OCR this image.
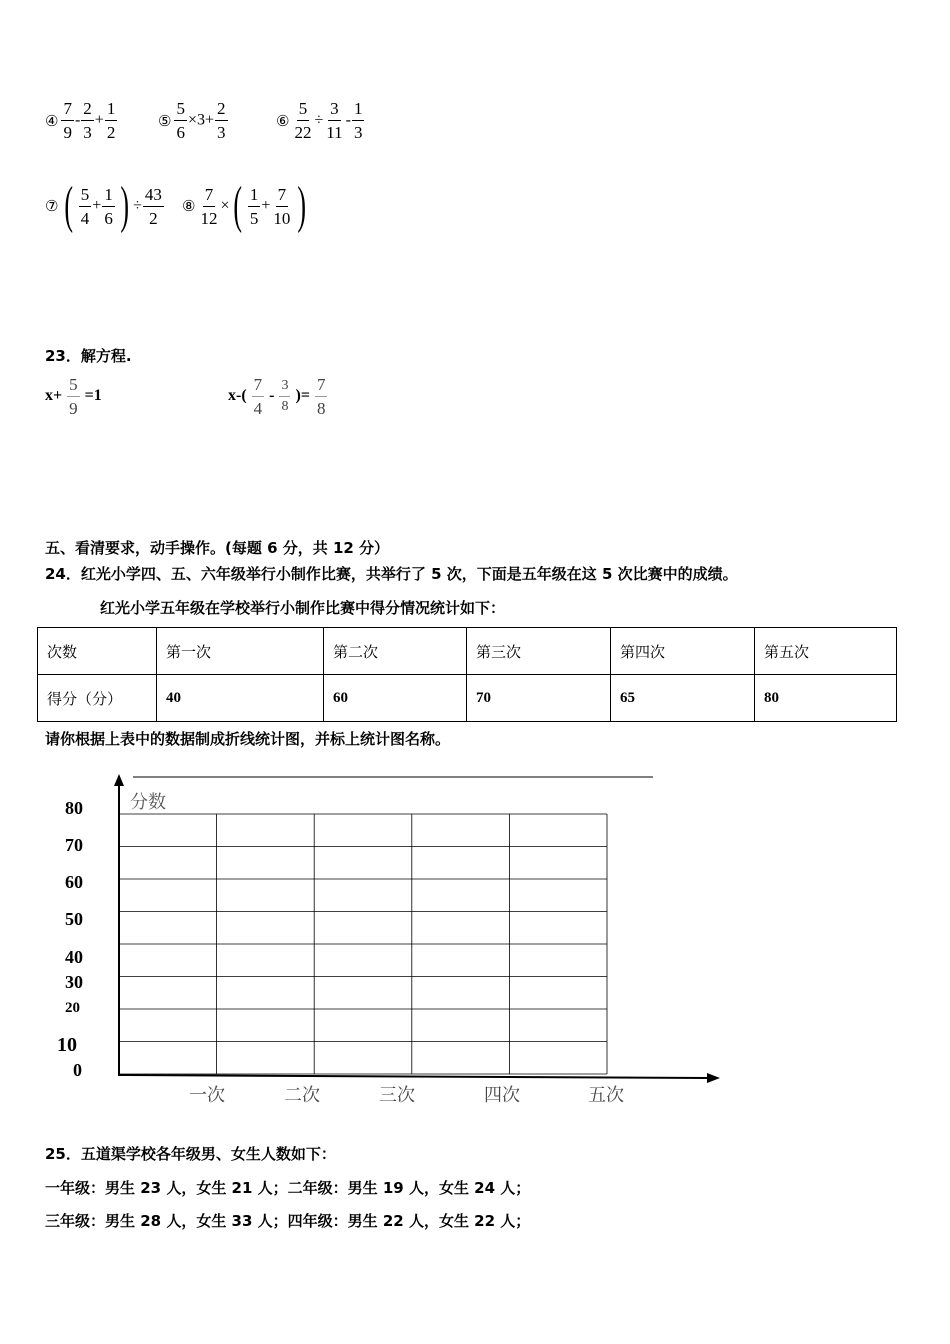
④ $\frac{7}{9} - \frac{2}{3} + \frac{1}{2}$	⑤ $\frac{5}{6} \times 3+ \frac{2}{3}$	⑥ $\frac{5}{22} \div \frac{3}{11} - \frac{1}{3}$
⑦ ( $\frac{5}{4} + \frac{1}{6}$ ) ÷ $\frac{43}{2}$ ⑧ $\frac{7}{12}$ ×( $\frac{1}{5} + \frac{7}{10}$ )
23．解方程.
$x+ \frac{5}{9} =1$	$x-( \frac{7}{4} - \frac{3}{8}$ )= $\frac{7}{8}$
五、看清要求，动手操作。(每题 6 分，共 12 分）
24．红光小学四、五、六年级举行小制作比赛，共举行了 5 次，下面是五年级在这 5 次比赛中的成绩。
红光小学五年级在学校举行小制作比赛中得分情况统计如下：
次数	第一次	第二次	第三次	第四次	第五次
得分（分）	40	60	70	65	80
请你根据上表中的数据制成折线统计图，并标上统计图名称。
分数
80
70
60
50
40
30
20
10
0
一次	二次	三次	四次	五次
25．五道渠学校各年级男、女生人数如下：
一年级：男生 23 人，女生 21 人；二年级：男生 19 人，女生 24 人；
三年级：男生 28 人，女生 33 人；四年级：男生 22 人，女生 22 人；
